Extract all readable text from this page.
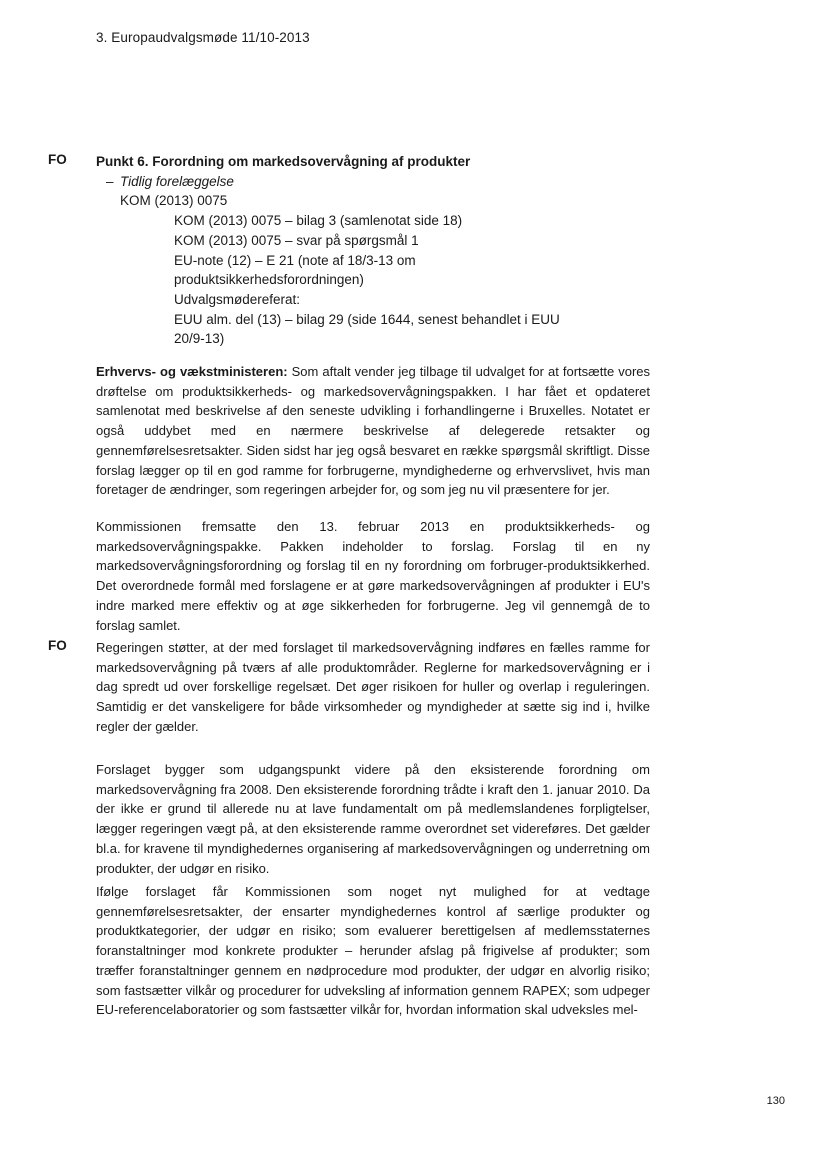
3. Europaudvalgsmøde 11/10-2013
FO
FO
Punkt 6. Forordning om markedsovervågning af produkter
– Tidlig forelæggelse
KOM (2013) 0075
KOM (2013) 0075 – bilag 3 (samlenotat side 18)
KOM (2013) 0075 – svar på spørgsmål 1
EU-note (12) – E 21 (note af 18/3-13 om
produktsikkerhedsforordningen)
Udvalgsmødereferat:
EUU alm. del (13) – bilag 29 (side 1644, senest behandlet i EUU
20/9-13)

Erhvervs- og vækstministeren: Som aftalt vender jeg tilbage til udvalget for at fortsætte vores drøftelse om produktsikkerheds- og markedsovervågningspakken. I har fået et opdateret samlenotat med beskrivelse af den seneste udvikling i forhandlingerne i Bruxelles. Notatet er også uddybet med en nærmere beskrivelse af delegerede retsakter og gennemførelsesretsakter. Siden sidst har jeg også besvaret en række spørgsmål skriftligt. Disse forslag lægger op til en god ramme for forbrugerne, myndighederne og erhvervslivet, hvis man foretager de ændringer, som regeringen arbejder for, og som jeg nu vil præsentere for jer.

Kommissionen fremsatte den 13. februar 2013 en produktsikkerheds- og markedsovervågningspakke. Pakken indeholder to forslag. Forslag til en ny markedsovervågningsforordning og forslag til en ny forordning om forbruger-produktsikkerhed. Det overordnede formål med forslagene er at gøre markedsovervågningen af produkter i EU's indre marked mere effektiv og at øge sikkerheden for forbrugerne. Jeg vil gennemgå de to forslag samlet.
Regeringen støtter, at der med forslaget til markedsovervågning indføres en fælles ramme for markedsovervågning på tværs af alle produktområder. Reglerne for markedsovervågning er i dag spredt ud over forskellige regelsæt. Det øger risikoen for huller og overlap i reguleringen. Samtidig er det vanskeligere for både virksomheder og myndigheder at sætte sig ind i, hvilke regler der gælder.
Forslaget bygger som udgangspunkt videre på den eksisterende forordning om markedsovervågning fra 2008. Den eksisterende forordning trådte i kraft den 1. januar 2010. Da der ikke er grund til allerede nu at lave fundamentalt om på medlemslandenes forpligtelser, lægger regeringen vægt på, at den eksisterende ramme overordnet set videreføres. Det gælder bl.a. for kravene til myndighedernes organisering af markedsovervågningen og underretning om produkter, der udgør en risiko.
Ifølge forslaget får Kommissionen som noget nyt mulighed for at vedtage gennemførelsesretsakter, der ensarter myndighedernes kontrol af særlige produkter og produktkategorier, der udgør en risiko; som evaluerer berettigelsen af medlemsstaternes foranstaltninger mod konkrete produkter – herunder afslag på frigivelse af produkter; som træffer foranstaltninger gennem en nødprocedure mod produkter, der udgør en alvorlig risiko; som fastsætter vilkår og procedurer for udveksling af information gennem RAPEX; som udpeger EU-referencelaboratorier og som fastsætter vilkår for, hvordan information skal udveksles mel-
130
